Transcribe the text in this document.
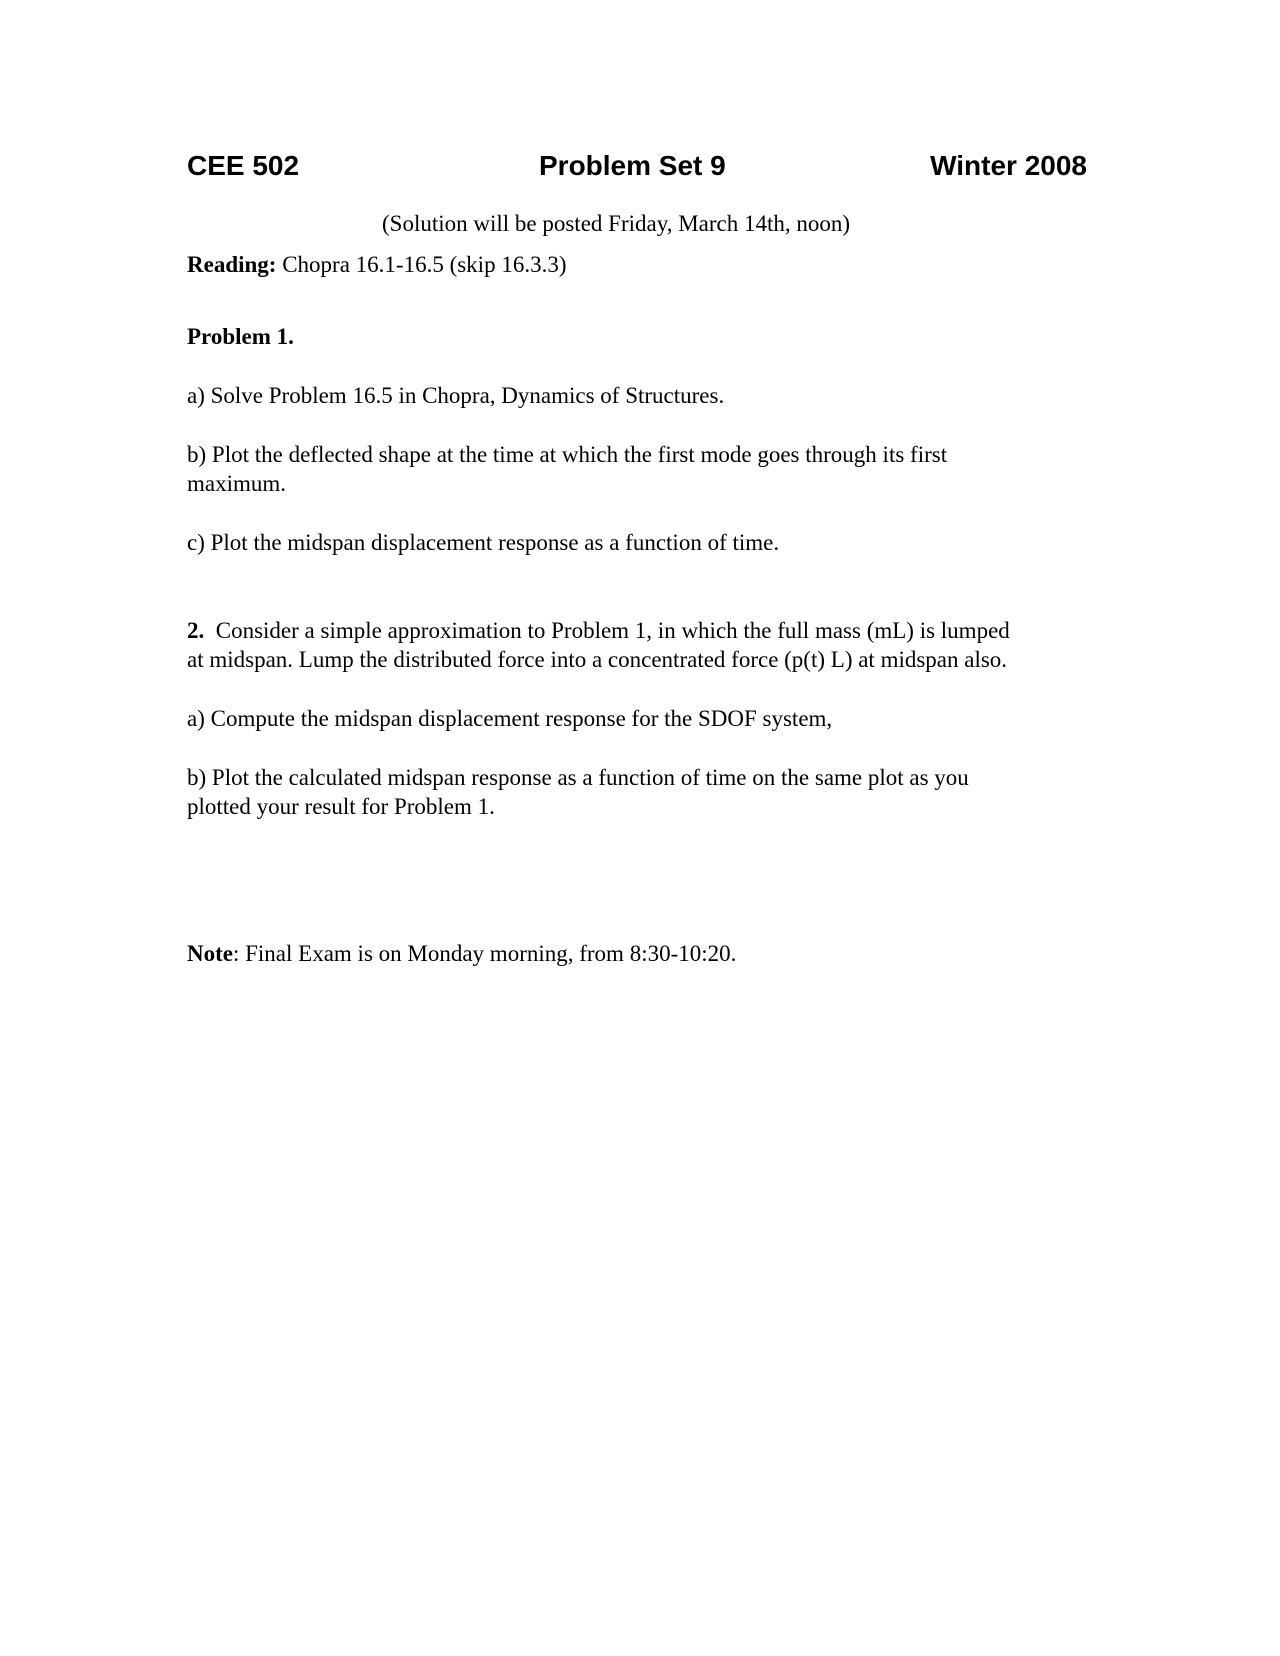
CEE 502	Problem Set 9	Winter 2008
(Solution will be posted Friday, March 14th, noon)
Reading: Chopra 16.1-16.5 (skip 16.3.3)
Problem 1.
a) Solve Problem 16.5 in Chopra, Dynamics of Structures.
b) Plot the deflected shape at the time at which the first mode goes through its first
maximum.
c) Plot the midspan displacement response as a function of time.
2. Consider a simple approximation to Problem 1, in which the full mass (mL) is lumped
at midspan. Lump the distributed force into a concentrated force (p(t) L) at midspan also.
a) Compute the midspan displacement response for the SDOF system,
b) Plot the calculated midspan response as a function of time on the same plot as you
plotted your result for Problem 1.
Note: Final Exam is on Monday morning, from 8:30-10:20.
